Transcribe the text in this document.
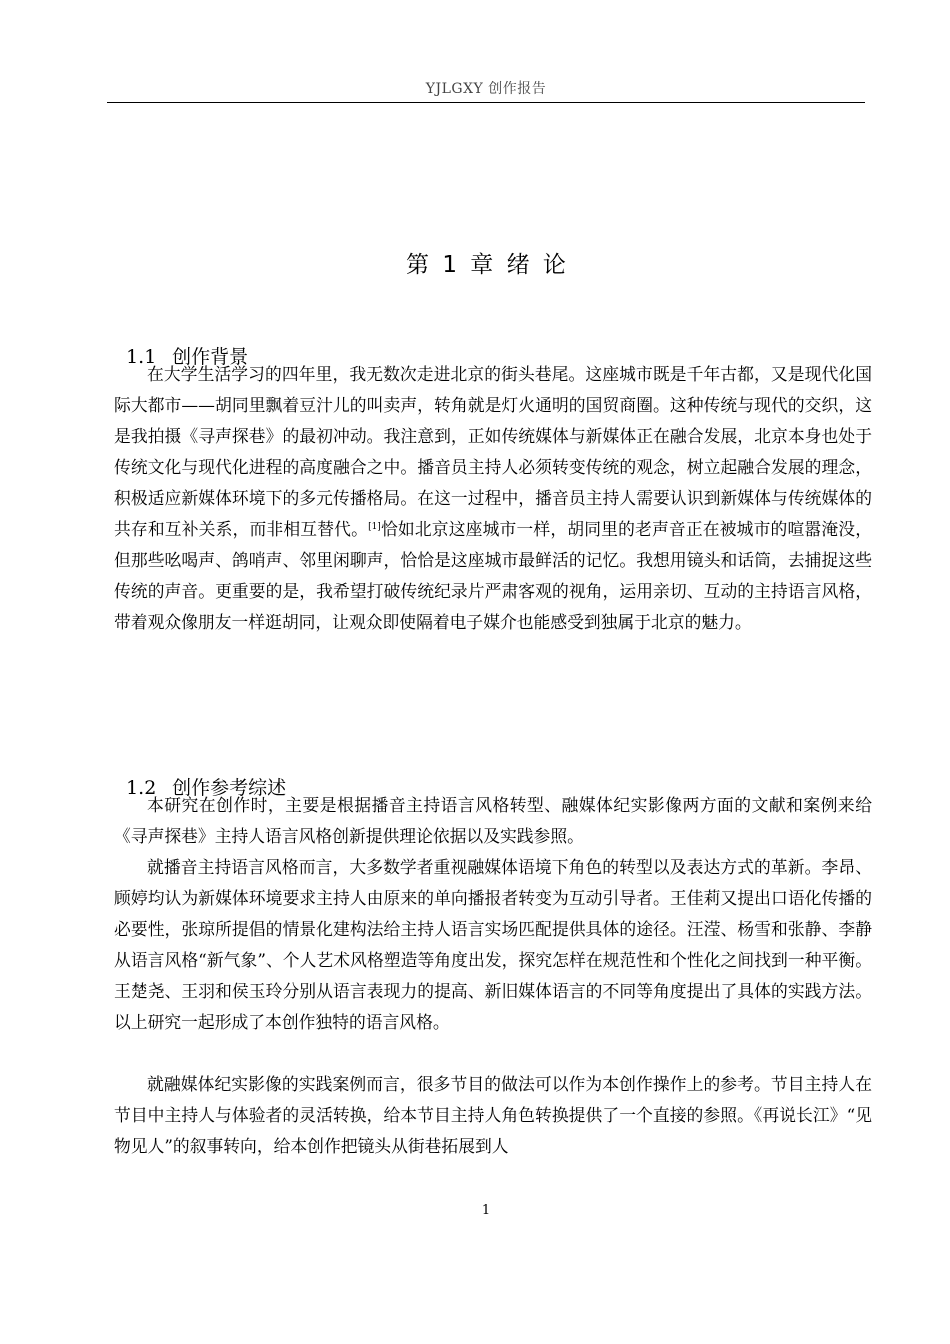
YJLGXY 创作报告
第 1 章 绪 论

1.1 创作背景

在大学生活学习的四年里，我无数次走进北京的街头巷尾。这座城市既是千年古都，又是现代化国际大都市——胡同里飘着豆汁儿的叫卖声，转角就是灯火通明的国贸商圈。这种传统与现代的交织，这是我拍摄《寻声探巷》的最初冲动。我注意到，正如传统媒体与新媒体正在融合发展，北京本身也处于传统文化与现代化进程的高度融合之中。播音员主持人必须转变传统的观念，树立起融合发展的理念，积极适应新媒体环境下的多元传播格局。在这一过程中，播音员主持人需要认识到新媒体与传统媒体的共存和互补关系，而非相互替代。[1]恰如北京这座城市一样，胡同里的老声音正在被城市的喧嚣淹没，但那些吆喝声、鸽哨声、邻里闲聊声，恰恰是这座城市最鲜活的记忆。我想用镜头和话筒，去捕捉这些传统的声音。更重要的是，我希望打破传统纪录片严肃客观的视角，运用亲切、互动的主持语言风格，带着观众像朋友一样逛胡同，让观众即使隔着电子媒介也能感受到独属于北京的魅力。

1.2 创作参考综述

本研究在创作时，主要是根据播音主持语言风格转型、融媒体纪实影像两方面的文献和案例来给《寻声探巷》主持人语言风格创新提供理论依据以及实践参照。

就播音主持语言风格而言，大多数学者重视融媒体语境下角色的转型以及表达方式的革新。李昂、顾婷均认为新媒体环境要求主持人由原来的单向播报者转变为互动引导者。王佳莉又提出口语化传播的必要性，张琼所提倡的情景化建构法给主持人语言实场匹配提供具体的途径。汪滢、杨雪和张静、李静从语言风格“新气象”、个人艺术风格塑造等角度出发，探究怎样在规范性和个性化之间找到一种平衡。王楚尧、王羽和侯玉玲分别从语言表现力的提高、新旧媒体语言的不同等角度提出了具体的实践方法。以上研究一起形成了本创作独特的语言风格。

就融媒体纪实影像的实践案例而言，很多节目的做法可以作为本创作操作上的参考。节目主持人在节目中主持人与体验者的灵活转换，给本节目主持人角色转换提供了一个直接的参照。《再说长江》“见物见人”的叙事转向，给本创作把镜头从街巷拓展到人

1
